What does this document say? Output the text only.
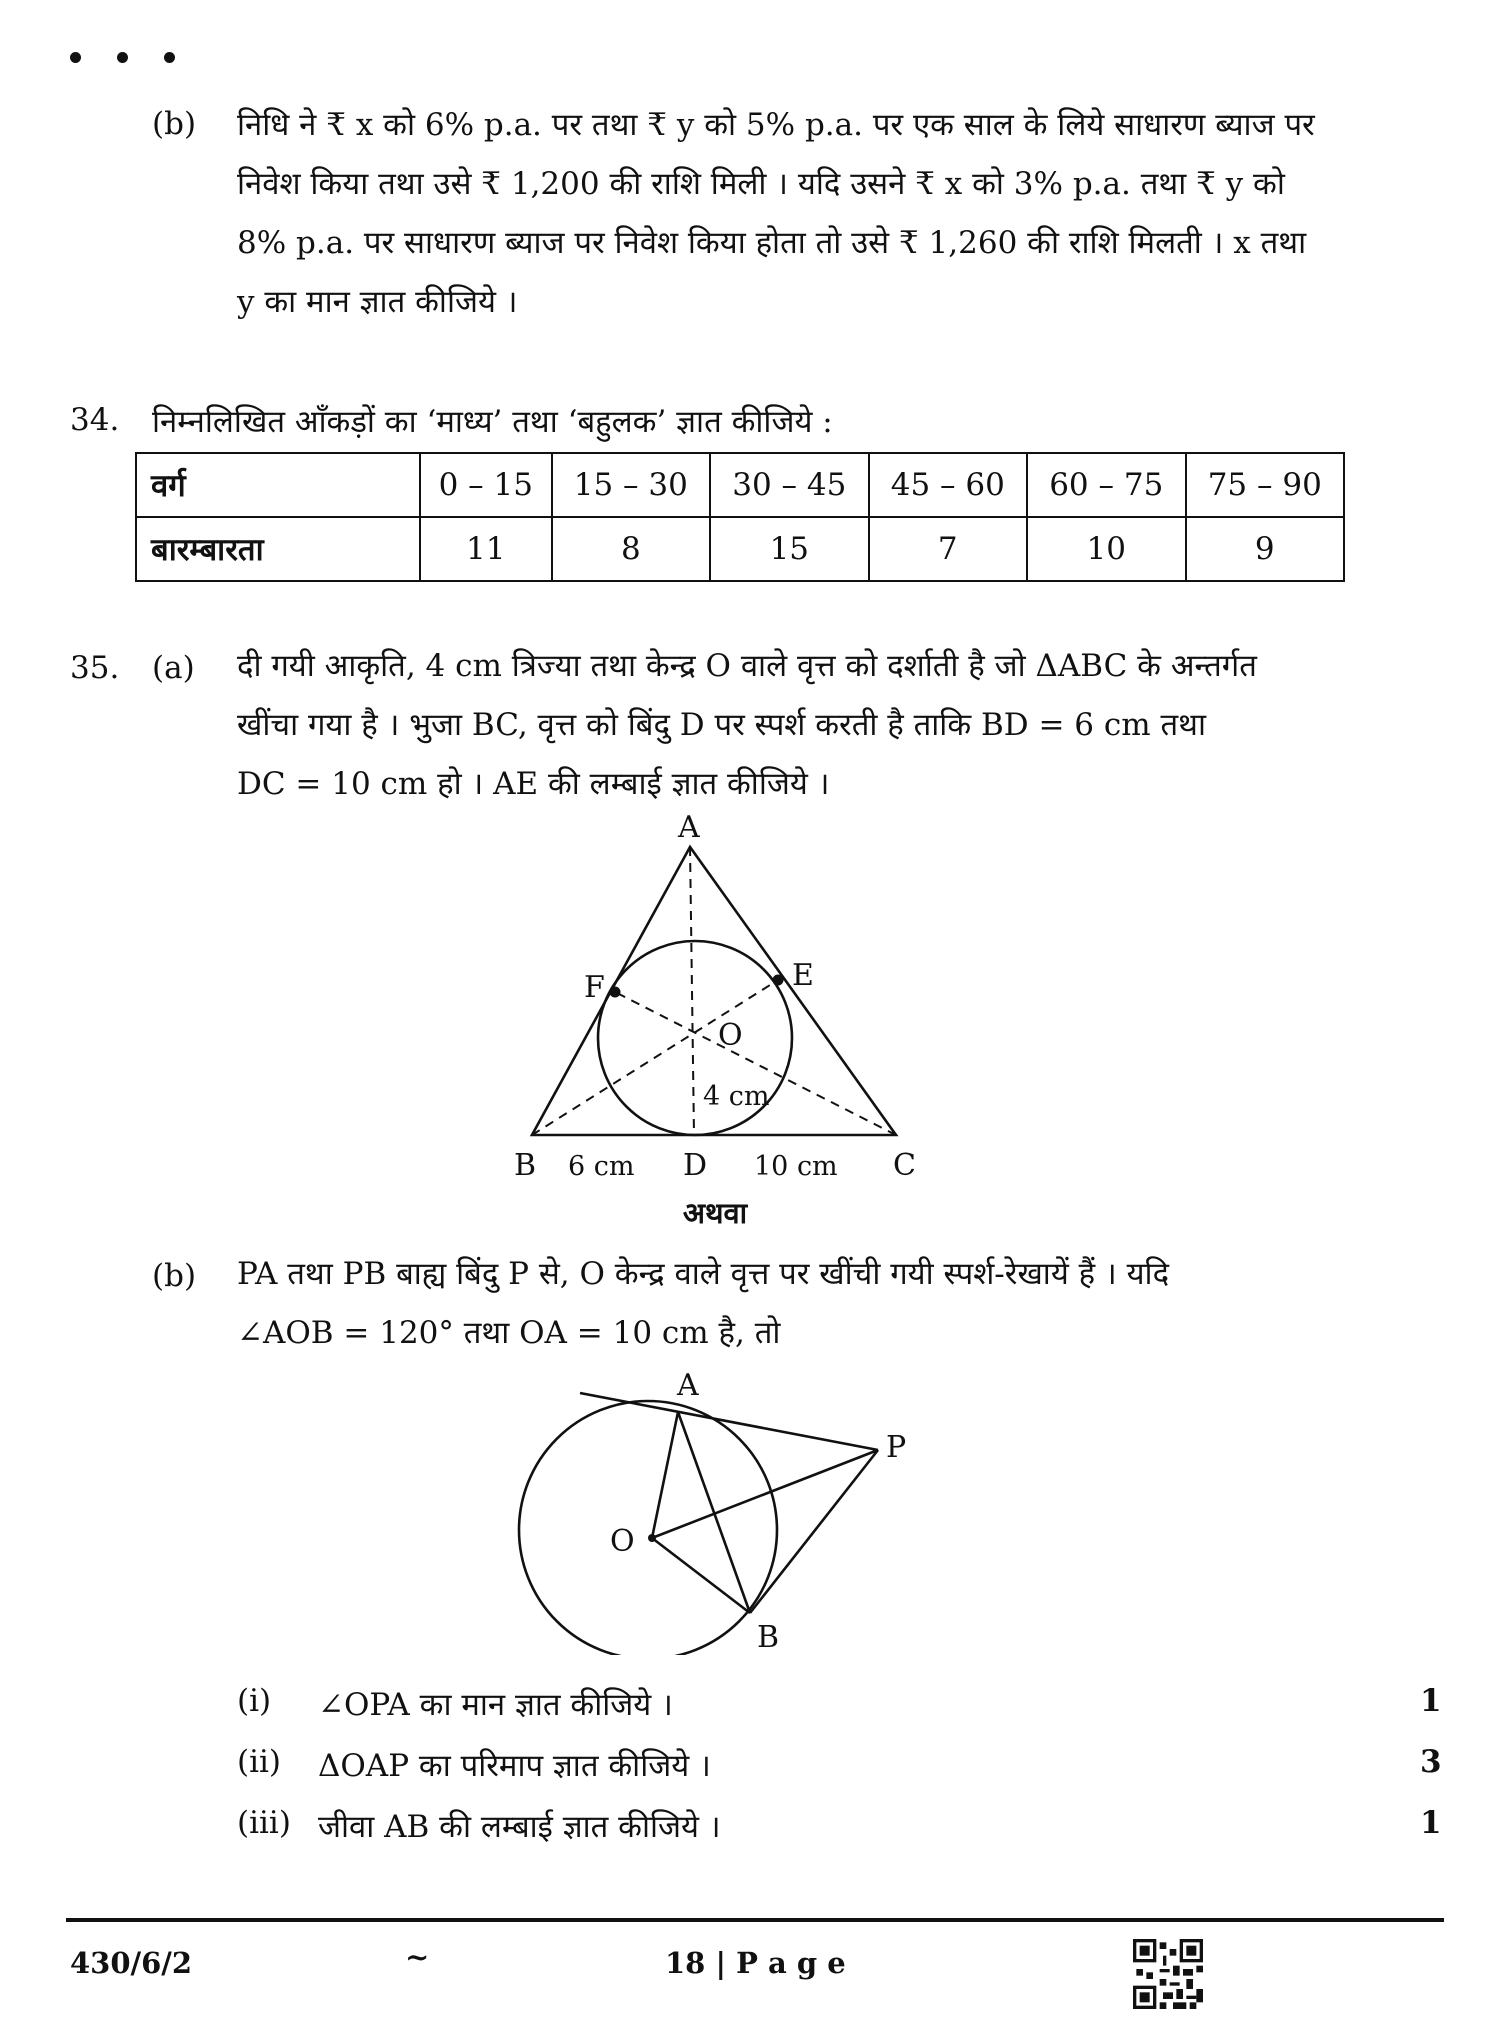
(b) निधि ने ₹ x को 6% p.a. पर तथा ₹ y को 5% p.a. पर एक साल के लिये साधारण ब्याज पर
निवेश किया तथा उसे ₹ 1,200 की राशि मिली । यदि उसने ₹ x को 3% p.a. तथा ₹ y को
8% p.a. पर साधारण ब्याज पर निवेश किया होता तो उसे ₹ 1,260 की राशि मिलती । x तथा
y का मान ज्ञात कीजिये ।
34. निम्नलिखित आँकड़ों का ‘माध्य’ तथा ‘बहुलक’ ज्ञात कीजिये :
वर्ग	0 – 15	15 – 30	30 – 45	45 – 60	60 – 75	75 – 90
बारम्बारता	11	8	15	7	10	9
35. (a) दी गयी आकृति, 4 cm त्रिज्या तथा केन्द्र O वाले वृत्त को दर्शाती है जो ΔABC के अन्तर्गत
खींचा गया है । भुजा BC, वृत्त को बिंदु D पर स्पर्श करती है ताकि BD = 6 cm तथा
DC = 10 cm हो । AE की लम्बाई ज्ञात कीजिये ।
A
B	C
D
E
F
O
4 cm
6 cm	10 cm
अथवा
(b) PA तथा PB बाह्य बिंदु P से, O केन्द्र वाले वृत्त पर खींची गयी स्पर्श-रेखायें हैं । यदि
∠AOB = 120° तथा OA = 10 cm है, तो
A
P
O
B
(i) ∠OPA का मान ज्ञात कीजिये ।	1
(ii) ΔOAP का परिमाप ज्ञात कीजिये ।	3
(iii) जीवा AB की लम्बाई ज्ञात कीजिये ।	1
430/6/2	~	18 | P a g e
